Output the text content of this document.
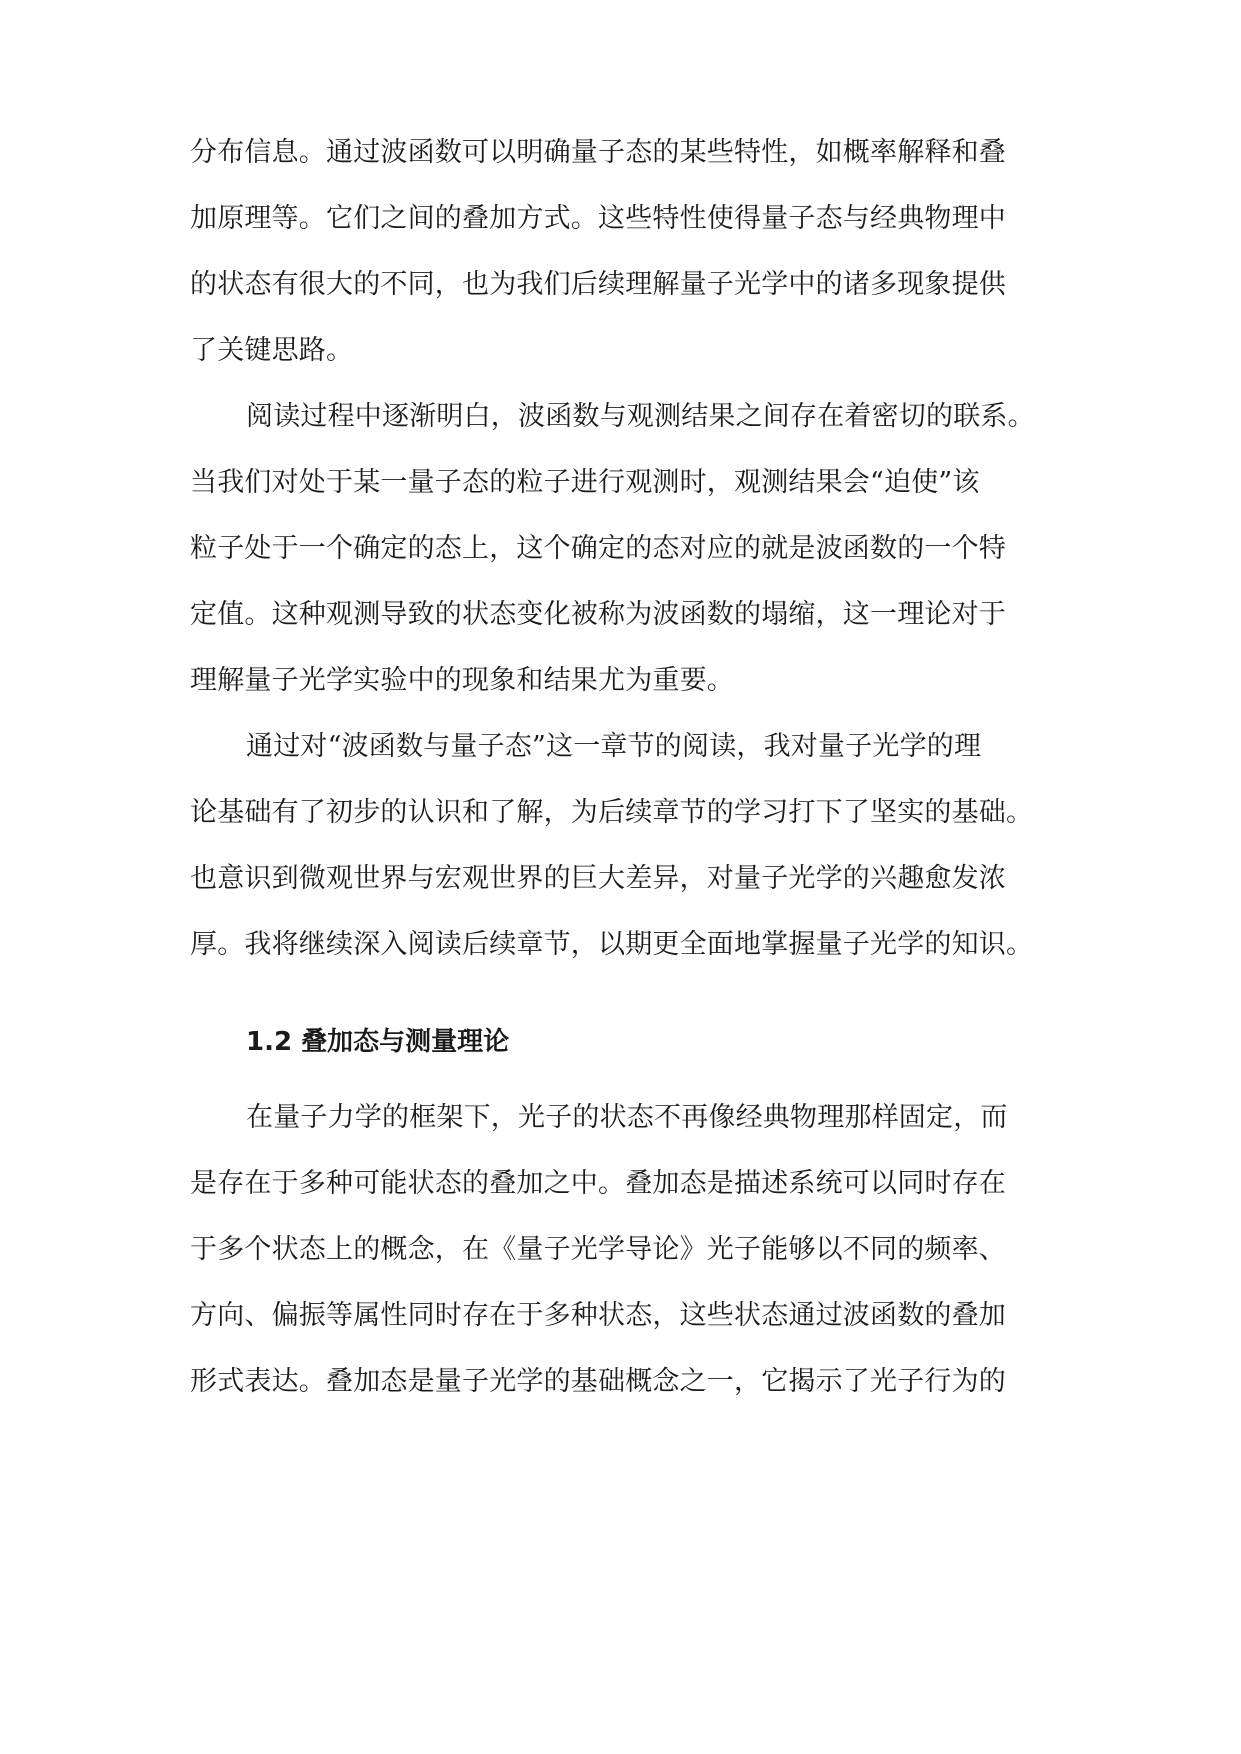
分布信息。通过波函数可以明确量子态的某些特性，如概率解释和叠
加原理等。它们之间的叠加方式。这些特性使得量子态与经典物理中
的状态有很大的不同，也为我们后续理解量子光学中的诸多现象提供
了关键思路。
阅读过程中逐渐明白，波函数与观测结果之间存在着密切的联系。
当我们对处于某一量子态的粒子进行观测时，观测结果会“迫使”该
粒子处于一个确定的态上，这个确定的态对应的就是波函数的一个特
定值。这种观测导致的状态变化被称为波函数的塌缩，这一理论对于
理解量子光学实验中的现象和结果尤为重要。
通过对“波函数与量子态”这一章节的阅读，我对量子光学的理
论基础有了初步的认识和了解，为后续章节的学习打下了坚实的基础。
也意识到微观世界与宏观世界的巨大差异，对量子光学的兴趣愈发浓
厚。我将继续深入阅读后续章节，以期更全面地掌握量子光学的知识。
1.2 叠加态与测量理论
在量子力学的框架下，光子的状态不再像经典物理那样固定，而
是存在于多种可能状态的叠加之中。叠加态是描述系统可以同时存在
于多个状态上的概念，在《量子光学导论》光子能够以不同的频率、
方向、偏振等属性同时存在于多种状态，这些状态通过波函数的叠加
形式表达。叠加态是量子光学的基础概念之一，它揭示了光子行为的
